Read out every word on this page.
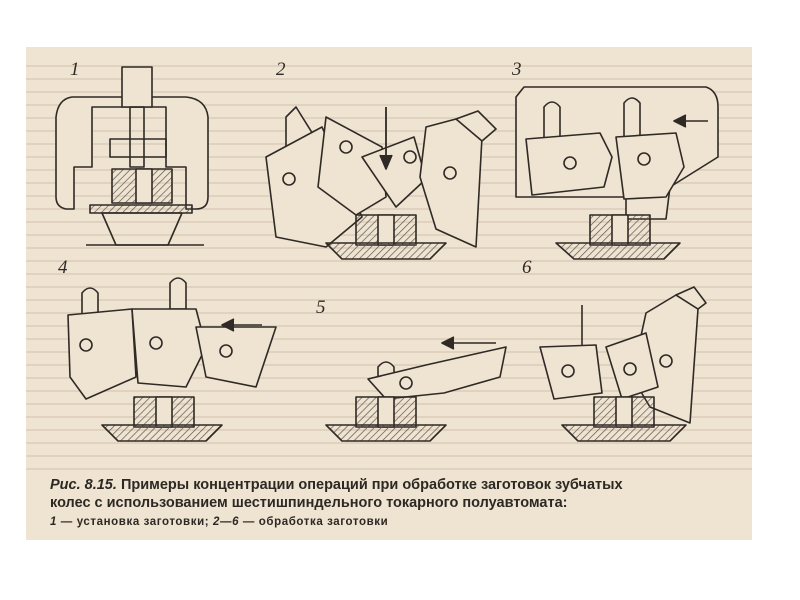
1	2	3
4
5
6
Рис. 8.15. Примеры концентрации операций при обработке заготовок зубчатых
колес с использованием шестишпиндельного токарного полуавтомата:
1 — установка заготовки; 2—6 — обработка заготовки
